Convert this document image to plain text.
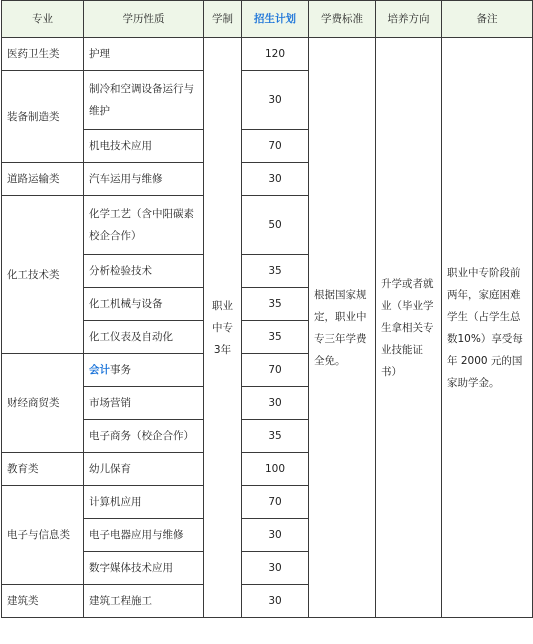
专业	学历性质	学制	招生计划	学费标准	培养方向	备注
医药卫生类	护理	职业中专3年	120	根据国家规定，职业中专三年学费全免。	升学或者就业（毕业学生拿相关专业技能证书）	职业中专阶段前两年，家庭困难学生（占学生总数10%）享受每年 2000 元的国家助学金。
装备制造类	制冷和空调设备运行与维护		30			
	机电技术应用		70			
道路运输类	汽车运用与维修		30			
化工技术类	化学工艺（含中阳碳素校企合作）		50			
	分析检验技术		35			
	化工机械与设备		35			
	化工仪表及自动化		35			
财经商贸类	会计事务		70			
	市场营销		30			
	电子商务（校企合作）		35			
教育类	幼儿保育		100			
电子与信息类	计算机应用		70			
	电子电器应用与维修		30			
	数字媒体技术应用		30			
建筑类	建筑工程施工		30			
